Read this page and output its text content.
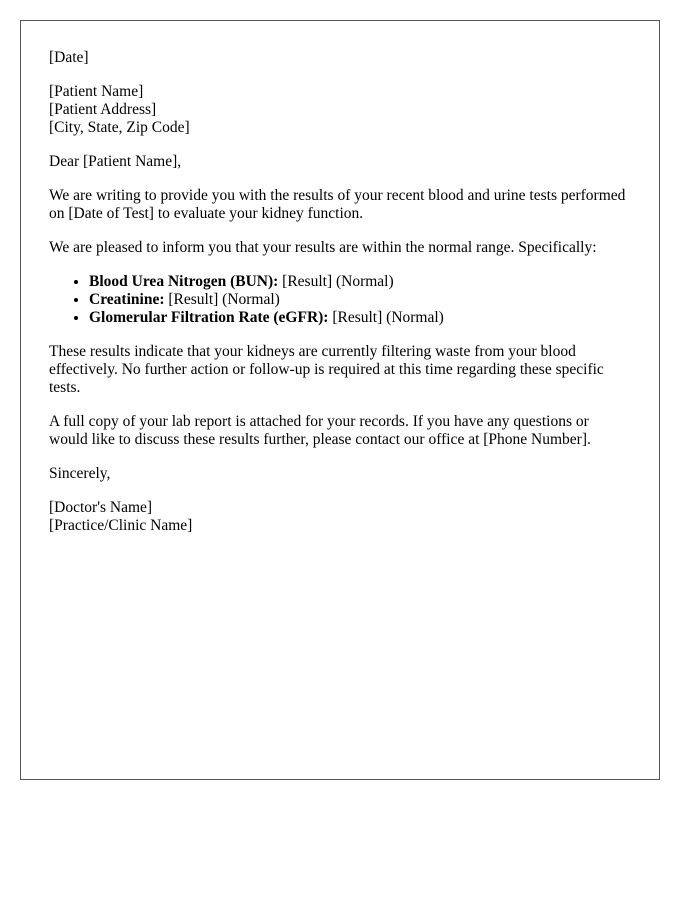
[Date]

[Patient Name]
[Patient Address]
[City, State, Zip Code]

Dear [Patient Name],

We are writing to provide you with the results of your recent blood and urine tests performed on [Date of Test] to evaluate your kidney function.

We are pleased to inform you that your results are within the normal range. Specifically:

• Blood Urea Nitrogen (BUN): [Result] (Normal)
• Creatinine: [Result] (Normal)
• Glomerular Filtration Rate (eGFR): [Result] (Normal)

These results indicate that your kidneys are currently filtering waste from your blood effectively. No further action or follow-up is required at this time regarding these specific tests.

A full copy of your lab report is attached for your records. If you have any questions or would like to discuss these results further, please contact our office at [Phone Number].

Sincerely,

[Doctor's Name]
[Practice/Clinic Name]
